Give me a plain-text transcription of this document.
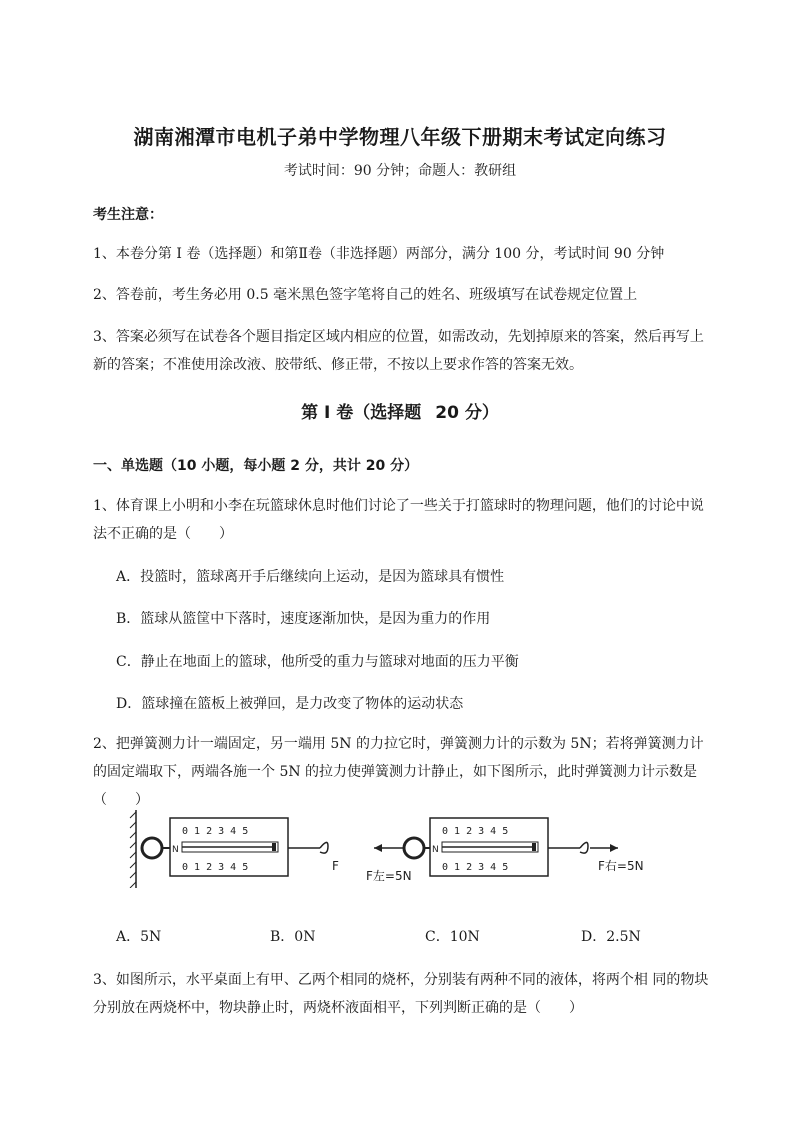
湖南湘潭市电机子弟中学物理八年级下册期末考试定向练习
考试时间：90 分钟；命题人：教研组
考生注意：
1、本卷分第 I 卷（选择题）和第Ⅱ卷（非选择题）两部分，满分 100 分，考试时间 90 分钟
2、答卷前，考生务必用 0.5 毫米黑色签字笔将自己的姓名、班级填写在试卷规定位置上
3、答案必须写在试卷各个题目指定区域内相应的位置，如需改动，先划掉原来的答案，然后再写上新的答案；不准使用涂改液、胶带纸、修正带，不按以上要求作答的答案无效。
第 I 卷（选择题 20 分）
一、单选题（10 小题，每小题 2 分，共计 20 分）
1、体育课上小明和小李在玩篮球休息时他们讨论了一些关于打篮球时的物理问题，他们的讨论中说法不正确的是（　　）
A．投篮时，篮球离开手后继续向上运动，是因为篮球具有惯性
B．篮球从篮筐中下落时，速度逐渐加快，是因为重力的作用
C．静止在地面上的篮球，他所受的重力与篮球对地面的压力平衡
D．篮球撞在篮板上被弹回，是力改变了物体的运动状态
2、把弹簧测力计一端固定，另一端用 5N 的力拉它时，弹簧测力计的示数为 5N；若将弹簧测力计的固定端取下，两端各施一个 5N 的拉力使弹簧测力计静止，如下图所示，此时弹簧测力计示数是（　　）
0 1 2 3 4 5
0 1 2 3 4 5
N
F
0 1 2 3 4 5
0 1 2 3 4 5
N
F左=5N
F右=5N
A．5N	B．0N	C．10N	D．2.5N
3、如图所示，水平桌面上有甲、乙两个相同的烧杯，分别装有两种不同的液体，将两个相 同的物块分别放在两烧杯中，物块静止时，两烧杯液面相平，下列判断正确的是（　　）
